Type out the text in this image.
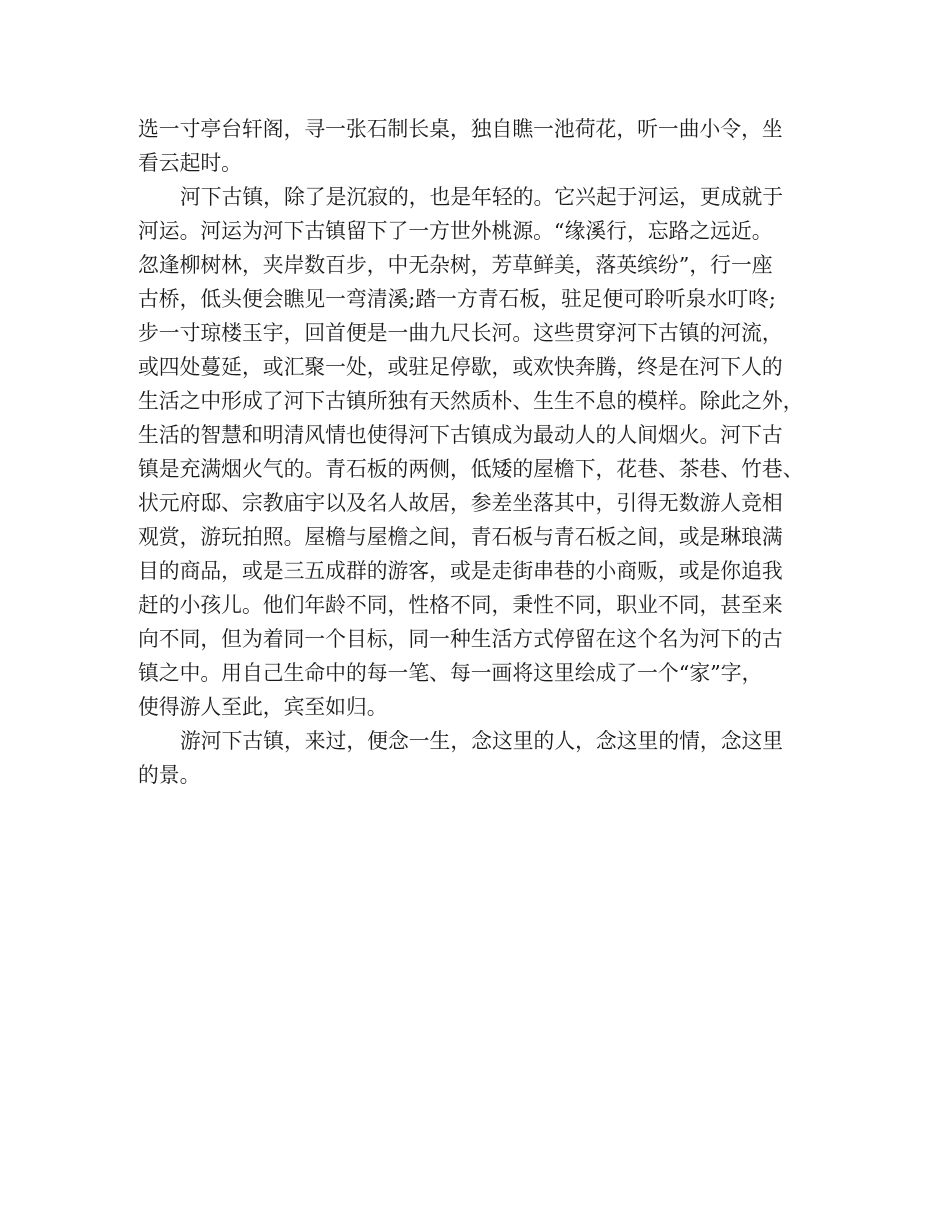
选一寸亭台轩阁，寻一张石制长桌，独自瞧一池荷花，听一曲小令，坐
看云起时。
河下古镇，除了是沉寂的，也是年轻的。它兴起于河运，更成就于
河运。河运为河下古镇留下了一方世外桃源。“缘溪行，忘路之远近。
忽逢柳树林，夹岸数百步，中无杂树，芳草鲜美，落英缤纷”，行一座
古桥，低头便会瞧见一弯清溪;踏一方青石板，驻足便可聆听泉水叮咚;
步一寸琼楼玉宇，回首便是一曲九尺长河。这些贯穿河下古镇的河流，
或四处蔓延，或汇聚一处，或驻足停歇，或欢快奔腾，终是在河下人的
生活之中形成了河下古镇所独有天然质朴、生生不息的模样。除此之外，
生活的智慧和明清风情也使得河下古镇成为最动人的人间烟火。河下古
镇是充满烟火气的。青石板的两侧，低矮的屋檐下，花巷、茶巷、竹巷、
状元府邸、宗教庙宇以及名人故居，参差坐落其中，引得无数游人竞相
观赏，游玩拍照。屋檐与屋檐之间，青石板与青石板之间，或是琳琅满
目的商品，或是三五成群的游客，或是走街串巷的小商贩，或是你追我
赶的小孩儿。他们年龄不同，性格不同，秉性不同，职业不同，甚至来
向不同，但为着同一个目标，同一种生活方式停留在这个名为河下的古
镇之中。用自己生命中的每一笔、每一画将这里绘成了一个“家”字，
使得游人至此，宾至如归。
游河下古镇，来过，便念一生，念这里的人，念这里的情，念这里
的景。
